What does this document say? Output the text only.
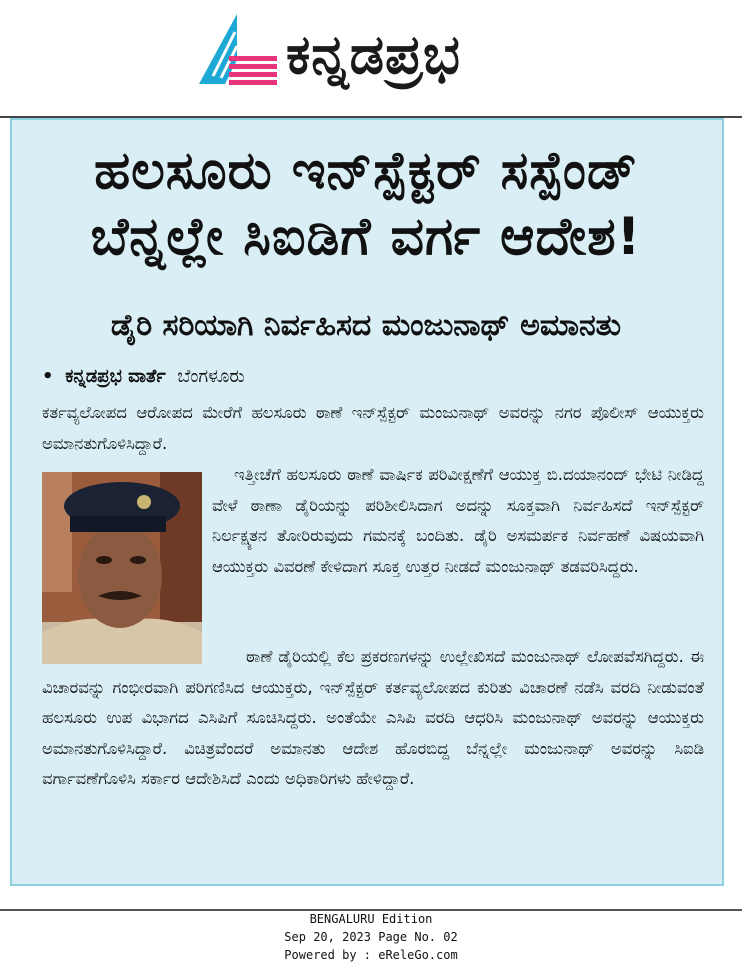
ಕನ್ನಡಪ್ರಭ
ಹಲಸೂರು ಇನ್‌ಸ್ಪೆಕ್ಟರ್ ಸಸ್ಪೆಂಡ್ ಬೆನ್ನಲ್ಲೇ ಸಿಐಡಿಗೆ ವರ್ಗ ಆದೇಶ!
ಡೈರಿ ಸರಿಯಾಗಿ ನಿರ್ವಹಿಸದ ಮಂಜುನಾಥ್ ಅಮಾನತು
• ಕನ್ನಡಪ್ರಭ ವಾರ್ತೆ ಬೆಂಗಳೂರು
ಕರ್ತವ್ಯಲೋಪದ ಆರೋಪದ ಮೇರೆಗೆ ಹಲಸೂರು ಠಾಣೆ ಇನ್‌ಸ್ಪೆಕ್ಟರ್ ಮಂಜುನಾಥ್ ಅವರನ್ನು ನಗರ ಪೊಲೀಸ್ ಆಯುಕ್ತರು ಅಮಾನತುಗೊಳಿಸಿದ್ದಾರೆ.
ಇತ್ತೀಚೆಗೆ ಹಲಸೂರು ಠಾಣೆ ವಾರ್ಷಿಕ ಪರಿವೀಕ್ಷಣೆಗೆ ಆಯುಕ್ತ ಬಿ.ದಯಾನಂದ್ ಭೇಟಿ ನೀಡಿದ್ದ ವೇಳೆ ಠಾಣಾ ಡೈರಿಯನ್ನು ಪರಿಶೀಲಿಸಿದಾಗ ಅದನ್ನು ಸೂಕ್ತವಾಗಿ ನಿರ್ವಹಿಸದೆ ಇನ್‌ಸ್ಪೆಕ್ಟರ್ ನಿರ್ಲಕ್ಷ್ಯತನ ತೋರಿರುವುದು ಗಮನಕ್ಕೆ ಬಂದಿತು. ಡೈರಿ ಅಸಮರ್ಪಕ ನಿರ್ವಹಣೆ ವಿಷಯವಾಗಿ ಆಯುಕ್ತರು ವಿವರಣೆ ಕೇಳಿದಾಗ ಸೂಕ್ತ ಉತ್ತರ ನೀಡದೆ ಮಂಜುನಾಥ್ ತಡವರಿಸಿದ್ದರು.
ಠಾಣೆ ಡೈರಿಯಲ್ಲಿ ಕೆಲ ಪ್ರಕರಣಗಳನ್ನು ಉಲ್ಲೇಖಿಸದೆ ಮಂಜುನಾಥ್ ಲೋಪವೆಸಗಿದ್ದರು. ಈ ವಿಚಾರವನ್ನು ಗಂಭೀರವಾಗಿ ಪರಿಗಣಿಸಿದ ಆಯುಕ್ತರು, ಇನ್‌ಸ್ಪೆಕ್ಟರ್ ಕರ್ತವ್ಯಲೋಪದ ಕುರಿತು ವಿಚಾರಣೆ ನಡೆಸಿ ವರದಿ ನೀಡುವಂತೆ ಹಲಸೂರು ಉಪ ವಿಭಾಗದ ಎಸಿಪಿಗೆ ಸೂಚಿಸಿದ್ದರು. ಅಂತೆಯೇ ಎಸಿಪಿ ವರದಿ ಆಧರಿಸಿ ಮಂಜುನಾಥ್ ಅವರನ್ನು ಆಯುಕ್ತರು ಅಮಾನತುಗೊಳಿಸಿದ್ದಾರೆ. ವಿಚಿತ್ರವೆಂದರೆ ಅಮಾನತು ಆದೇಶ ಹೊರಬಿದ್ದ ಬೆನ್ನಲ್ಲೇ ಮಂಜುನಾಥ್ ಅವರನ್ನು ಸಿಐಡಿ ವರ್ಗಾವಣೆಗೊಳಿಸಿ ಸರ್ಕಾರ ಆದೇಶಿಸಿದೆ ಎಂದು ಅಧಿಕಾರಿಗಳು ಹೇಳಿದ್ದಾರೆ.
BENGALURU Edition
Sep 20, 2023 Page No. 02
Powered by : eReleGo.com
